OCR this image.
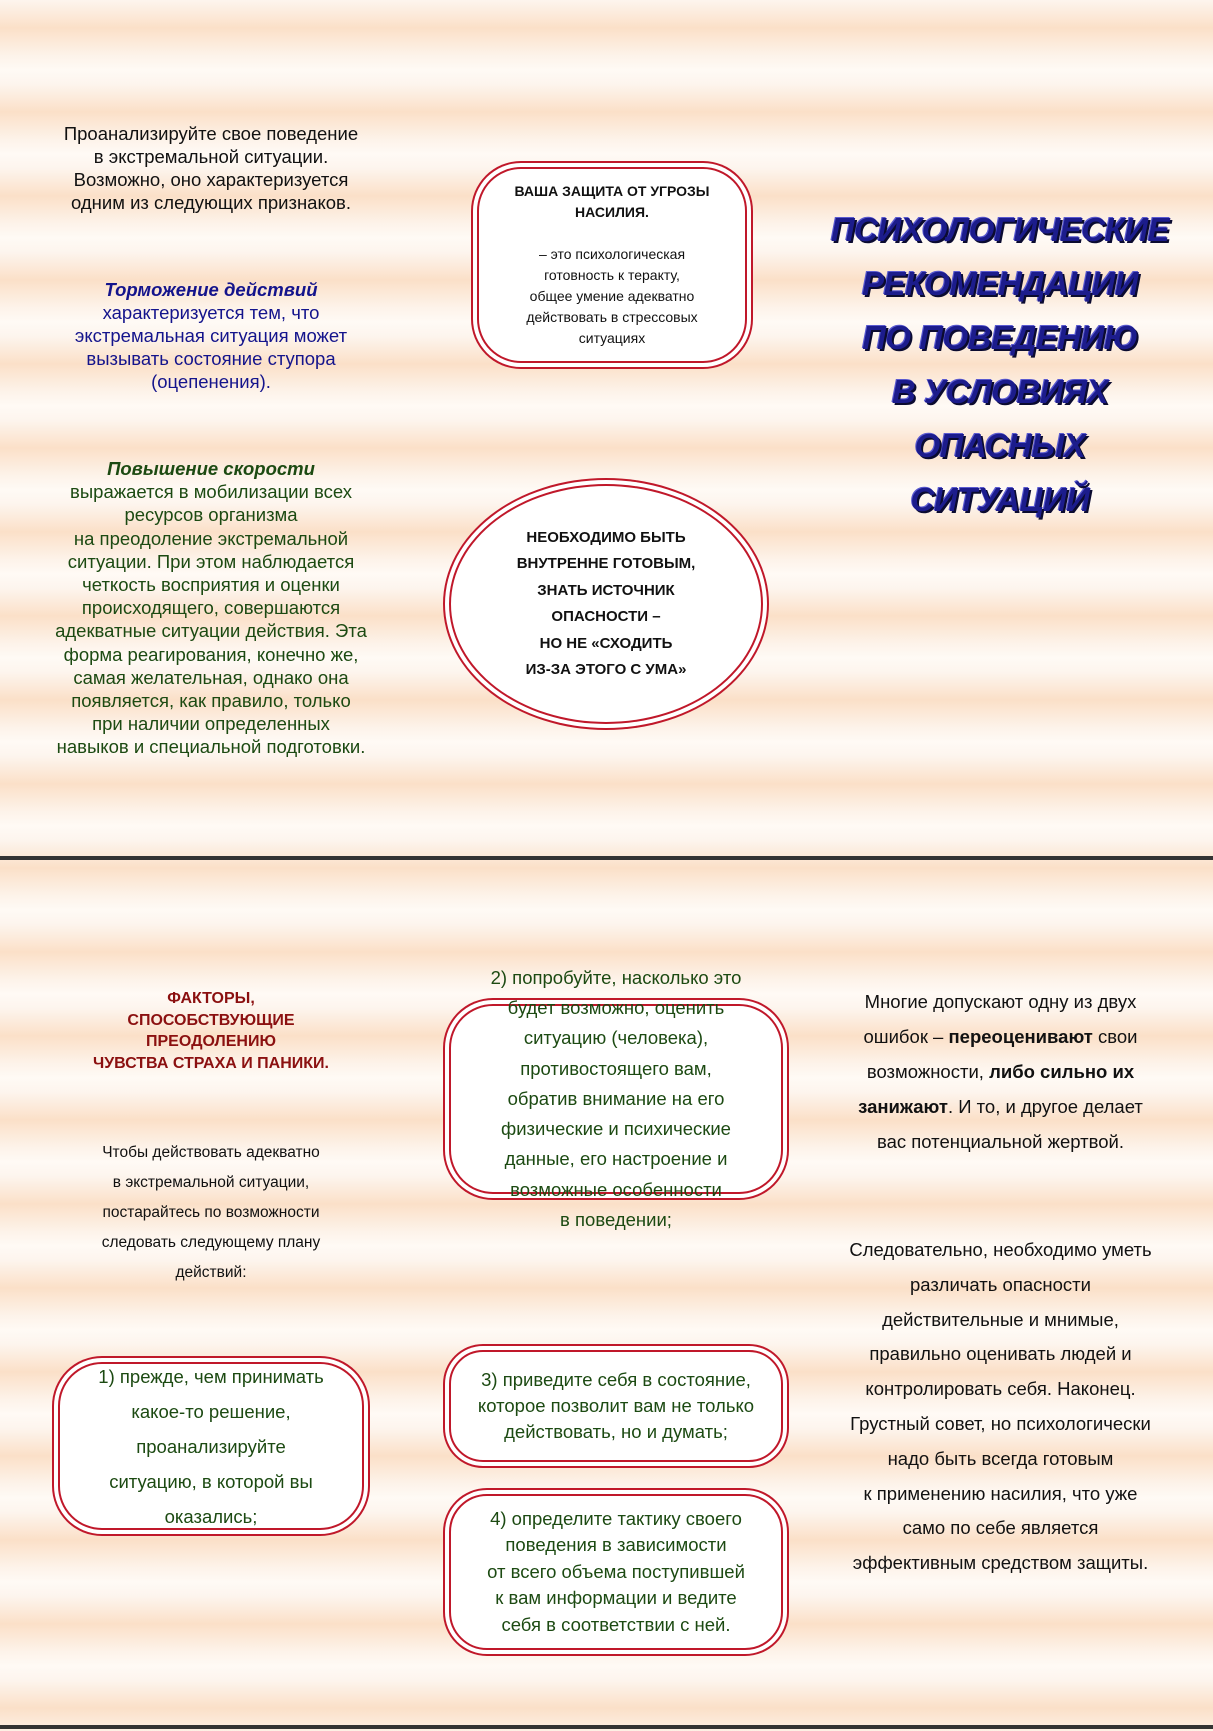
Проанализируйте свое поведение
в экстремальной ситуации.
Возможно, оно характеризуется
одним из следующих признаков.
Торможение действий
характеризуется тем, что
экстремальная ситуация может
вызывать состояние ступора
(оцепенения).
Повышение скорости
выражается в мобилизации всех
ресурсов организма
на преодоление экстремальной
ситуации. При этом наблюдается
четкость восприятия и оценки
происходящего, совершаются
адекватные ситуации действия. Эта
форма реагирования, конечно же,
самая желательная, однако она
появляется, как правило, только
при наличии определенных
навыков и специальной подготовки.
ВАША ЗАЩИТА ОТ УГРОЗЫ
НАСИЛИЯ.
– это психологическая
готовность к теракту,
общее умение адекватно
действовать в стрессовых
ситуациях
НЕОБХОДИМО БЫТЬ
ВНУТРЕННЕ ГОТОВЫМ,
ЗНАТЬ ИСТОЧНИК
ОПАСНОСТИ –
НО НЕ «СХОДИТЬ
ИЗ-ЗА ЭТОГО С УМА»
ПСИХОЛОГИЧЕСКИЕ
РЕКОМЕНДАЦИИ
ПО ПОВЕДЕНИЮ
В УСЛОВИЯХ
ОПАСНЫХ
СИТУАЦИЙ
ФАКТОРЫ,
СПОСОБСТВУЮЩИЕ
ПРЕОДОЛЕНИЮ
ЧУВСТВА СТРАХА И ПАНИКИ.
Чтобы действовать адекватно
в экстремальной ситуации,
постарайтесь по возможности
следовать следующему плану
действий:
1) прежде, чем принимать
какое-то решение,
проанализируйте
ситуацию, в которой вы
оказались;
2) попробуйте, насколько это
будет возможно, оценить
ситуацию (человека),
противостоящего вам,
обратив внимание на его
физические и психические
данные, его настроение и
возможные особенности
в поведении;
3) приведите себя в состояние,
которое позволит вам не только
действовать, но и думать;
4) определите тактику своего
поведения в зависимости
от всего объема поступившей
к вам информации и ведите
себя в соответствии с ней.
Многие допускают одну из двух
ошибок – переоценивают свои
возможности, либо сильно их
занижают. И то, и другое делает
вас потенциальной жертвой.
Следовательно, необходимо уметь
различать опасности
действительные и мнимые,
правильно оценивать людей и
контролировать себя. Наконец.
Грустный совет, но психологически
надо быть всегда готовым
к применению насилия, что уже
само по себе является
эффективным средством защиты.
